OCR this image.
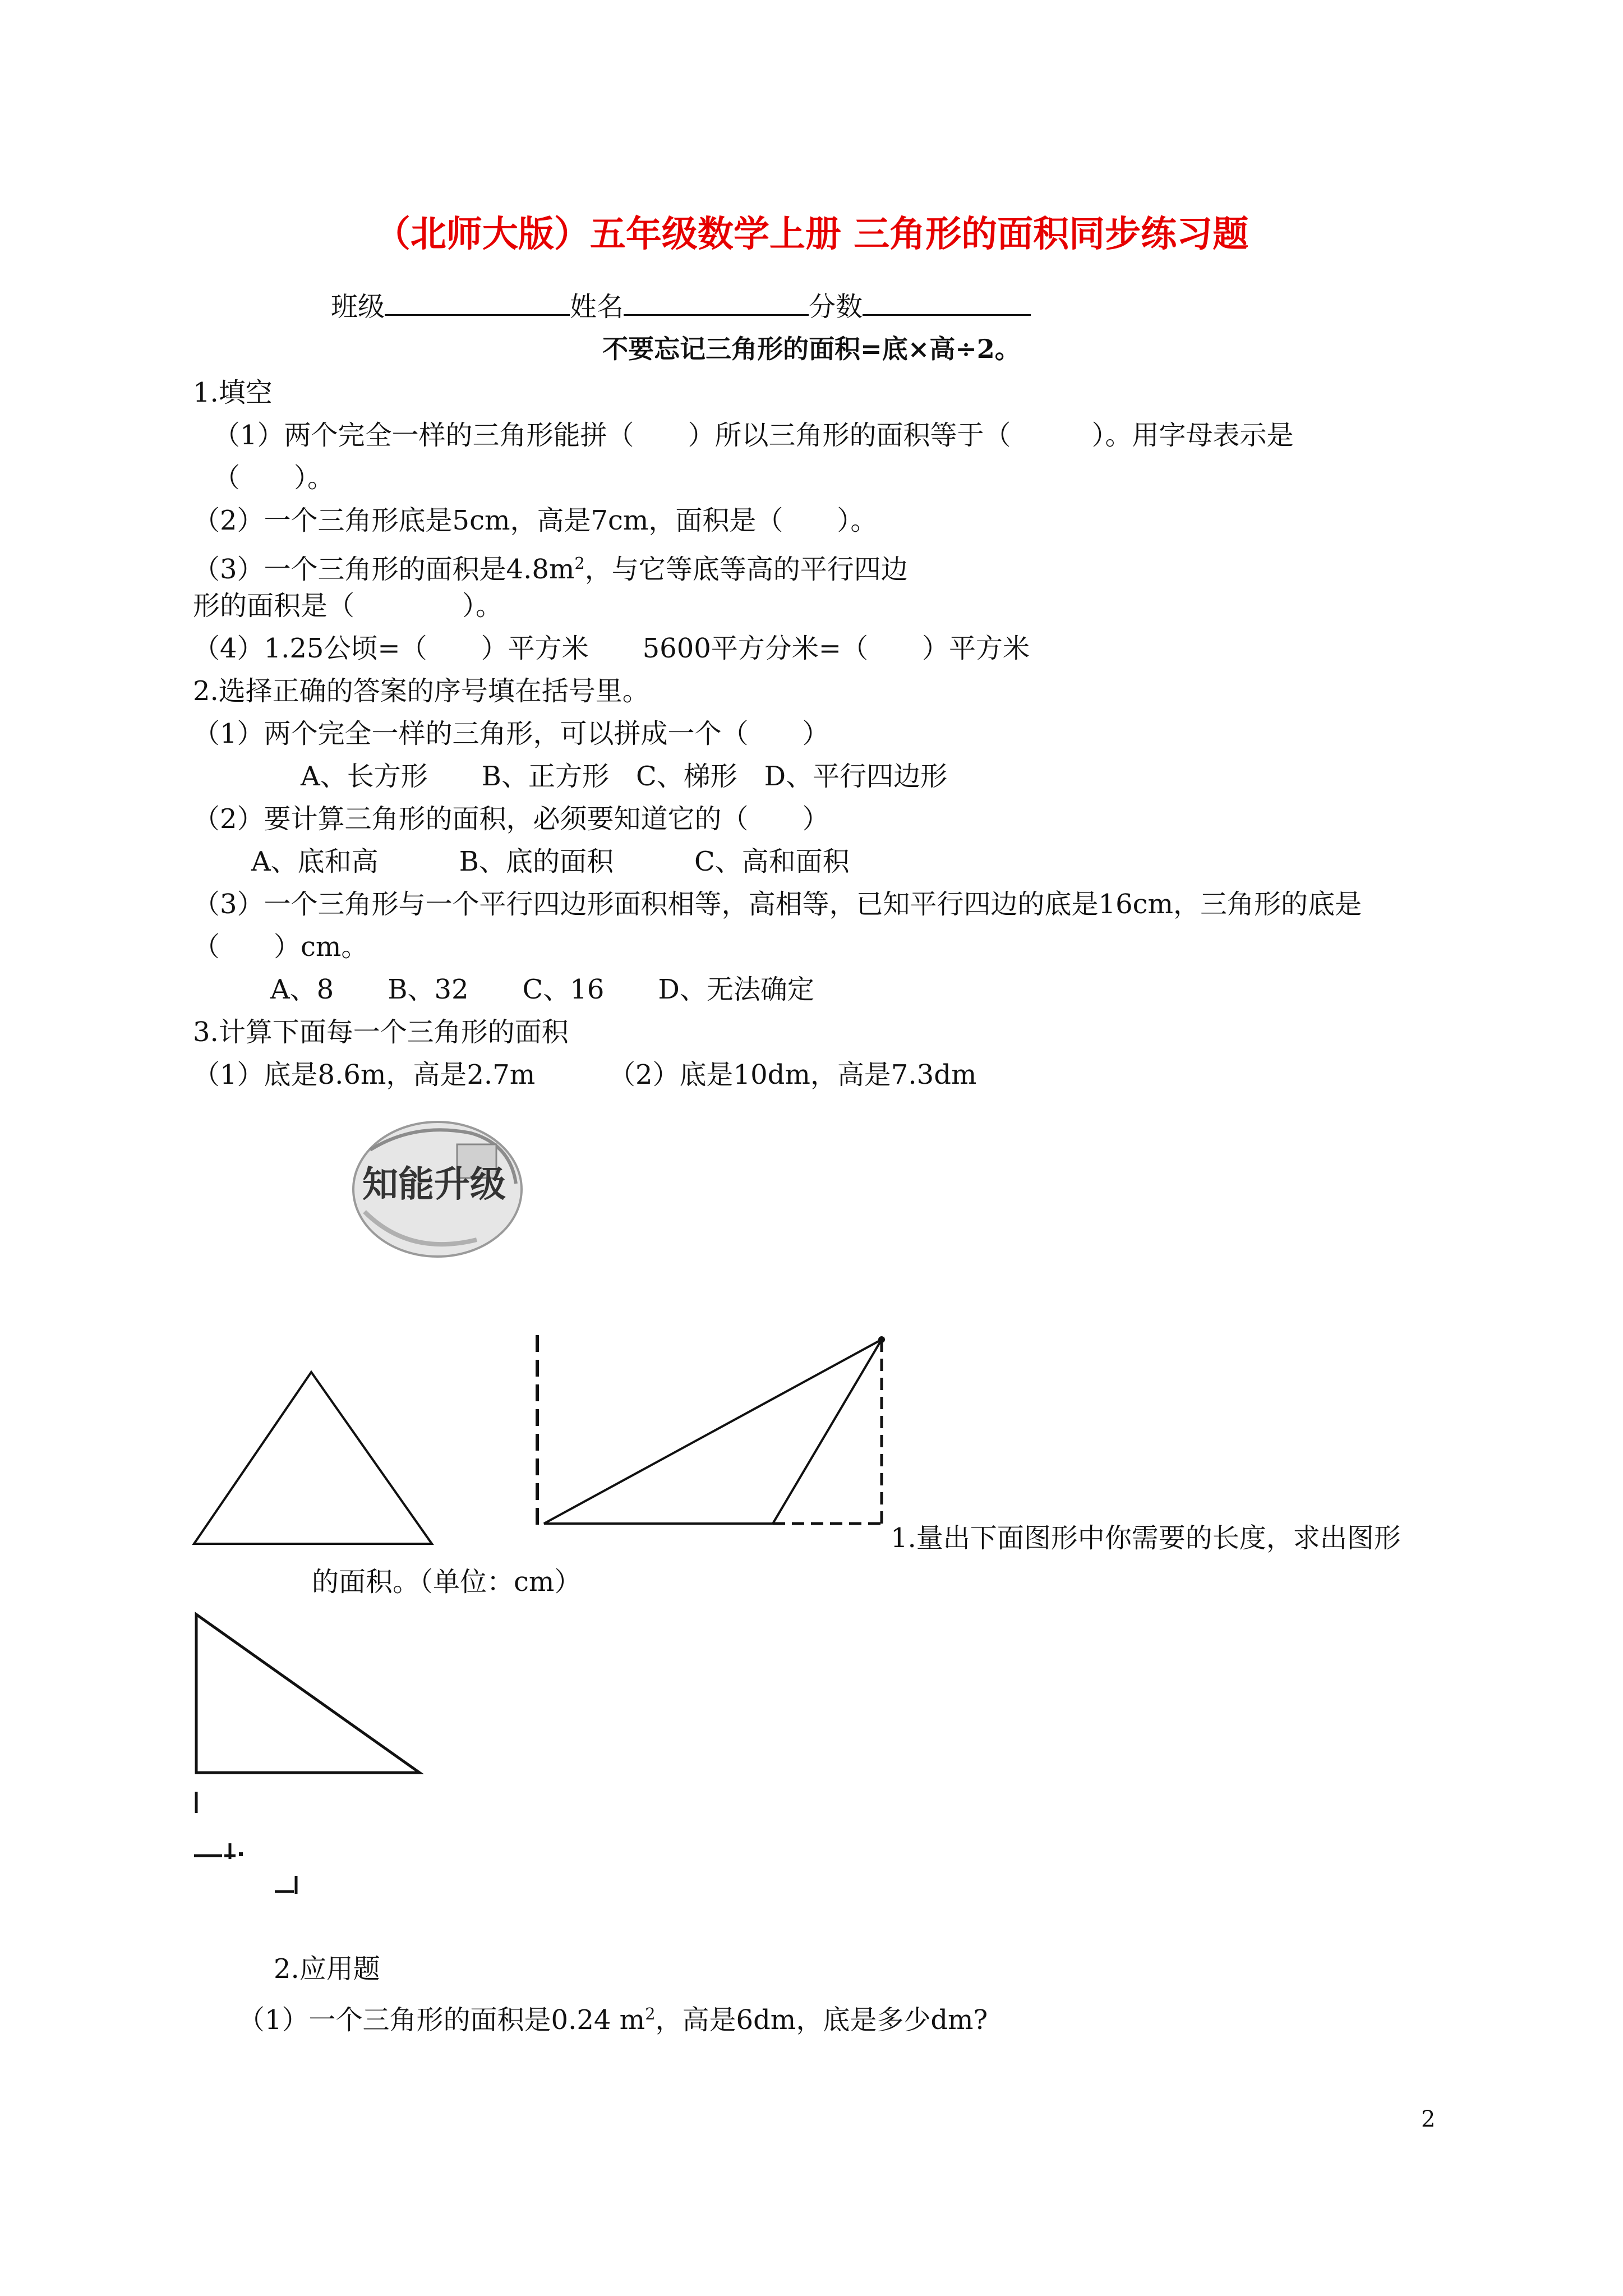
（北师大版）五年级数学上册 三角形的面积同步练习题
班级	姓名	分数
不要忘记三角形的面积=底×高÷2。
1.填空
（1）两个完全一样的三角形能拼（　　）所以三角形的面积等于（　　　）。用字母表示是
（　　）。
（2）一个三角形底是5cm，高是7cm，面积是（　　）。
（3）一个三角形的面积是$4.8m^2$，与它等底等高的平行四边
形的面积是（　　　　）。
（4）1.25公顷=（　　）平方米　　5600平方分米=（　　）平方米
2.选择正确的答案的序号填在括号里。
（1）两个完全一样的三角形，可以拼成一个（　　）
A、长方形　　B、正方形　C、梯形　D、平行四边形
（2）要计算三角形的面积，必须要知道它的（　　）
A、底和高　　　B、底的面积　　　C、高和面积
（3）一个三角形与一个平行四边形面积相等，高相等，已知平行四边的底是16cm，三角形的底是
（　　）cm。
A、8　　B、32　　C、16　　D、无法确定
3.计算下面每一个三角形的面积
（1）底是8.6m，高是2.7m	（2）底是10dm，高是7.3dm
知能升级
1.量出下面图形中你需要的长度，求出图形
的面积。（单位：cm）
2.应用题
（1）一个三角形的面积是0.24 $m^2$，高是6dm，底是多少dm?
2
